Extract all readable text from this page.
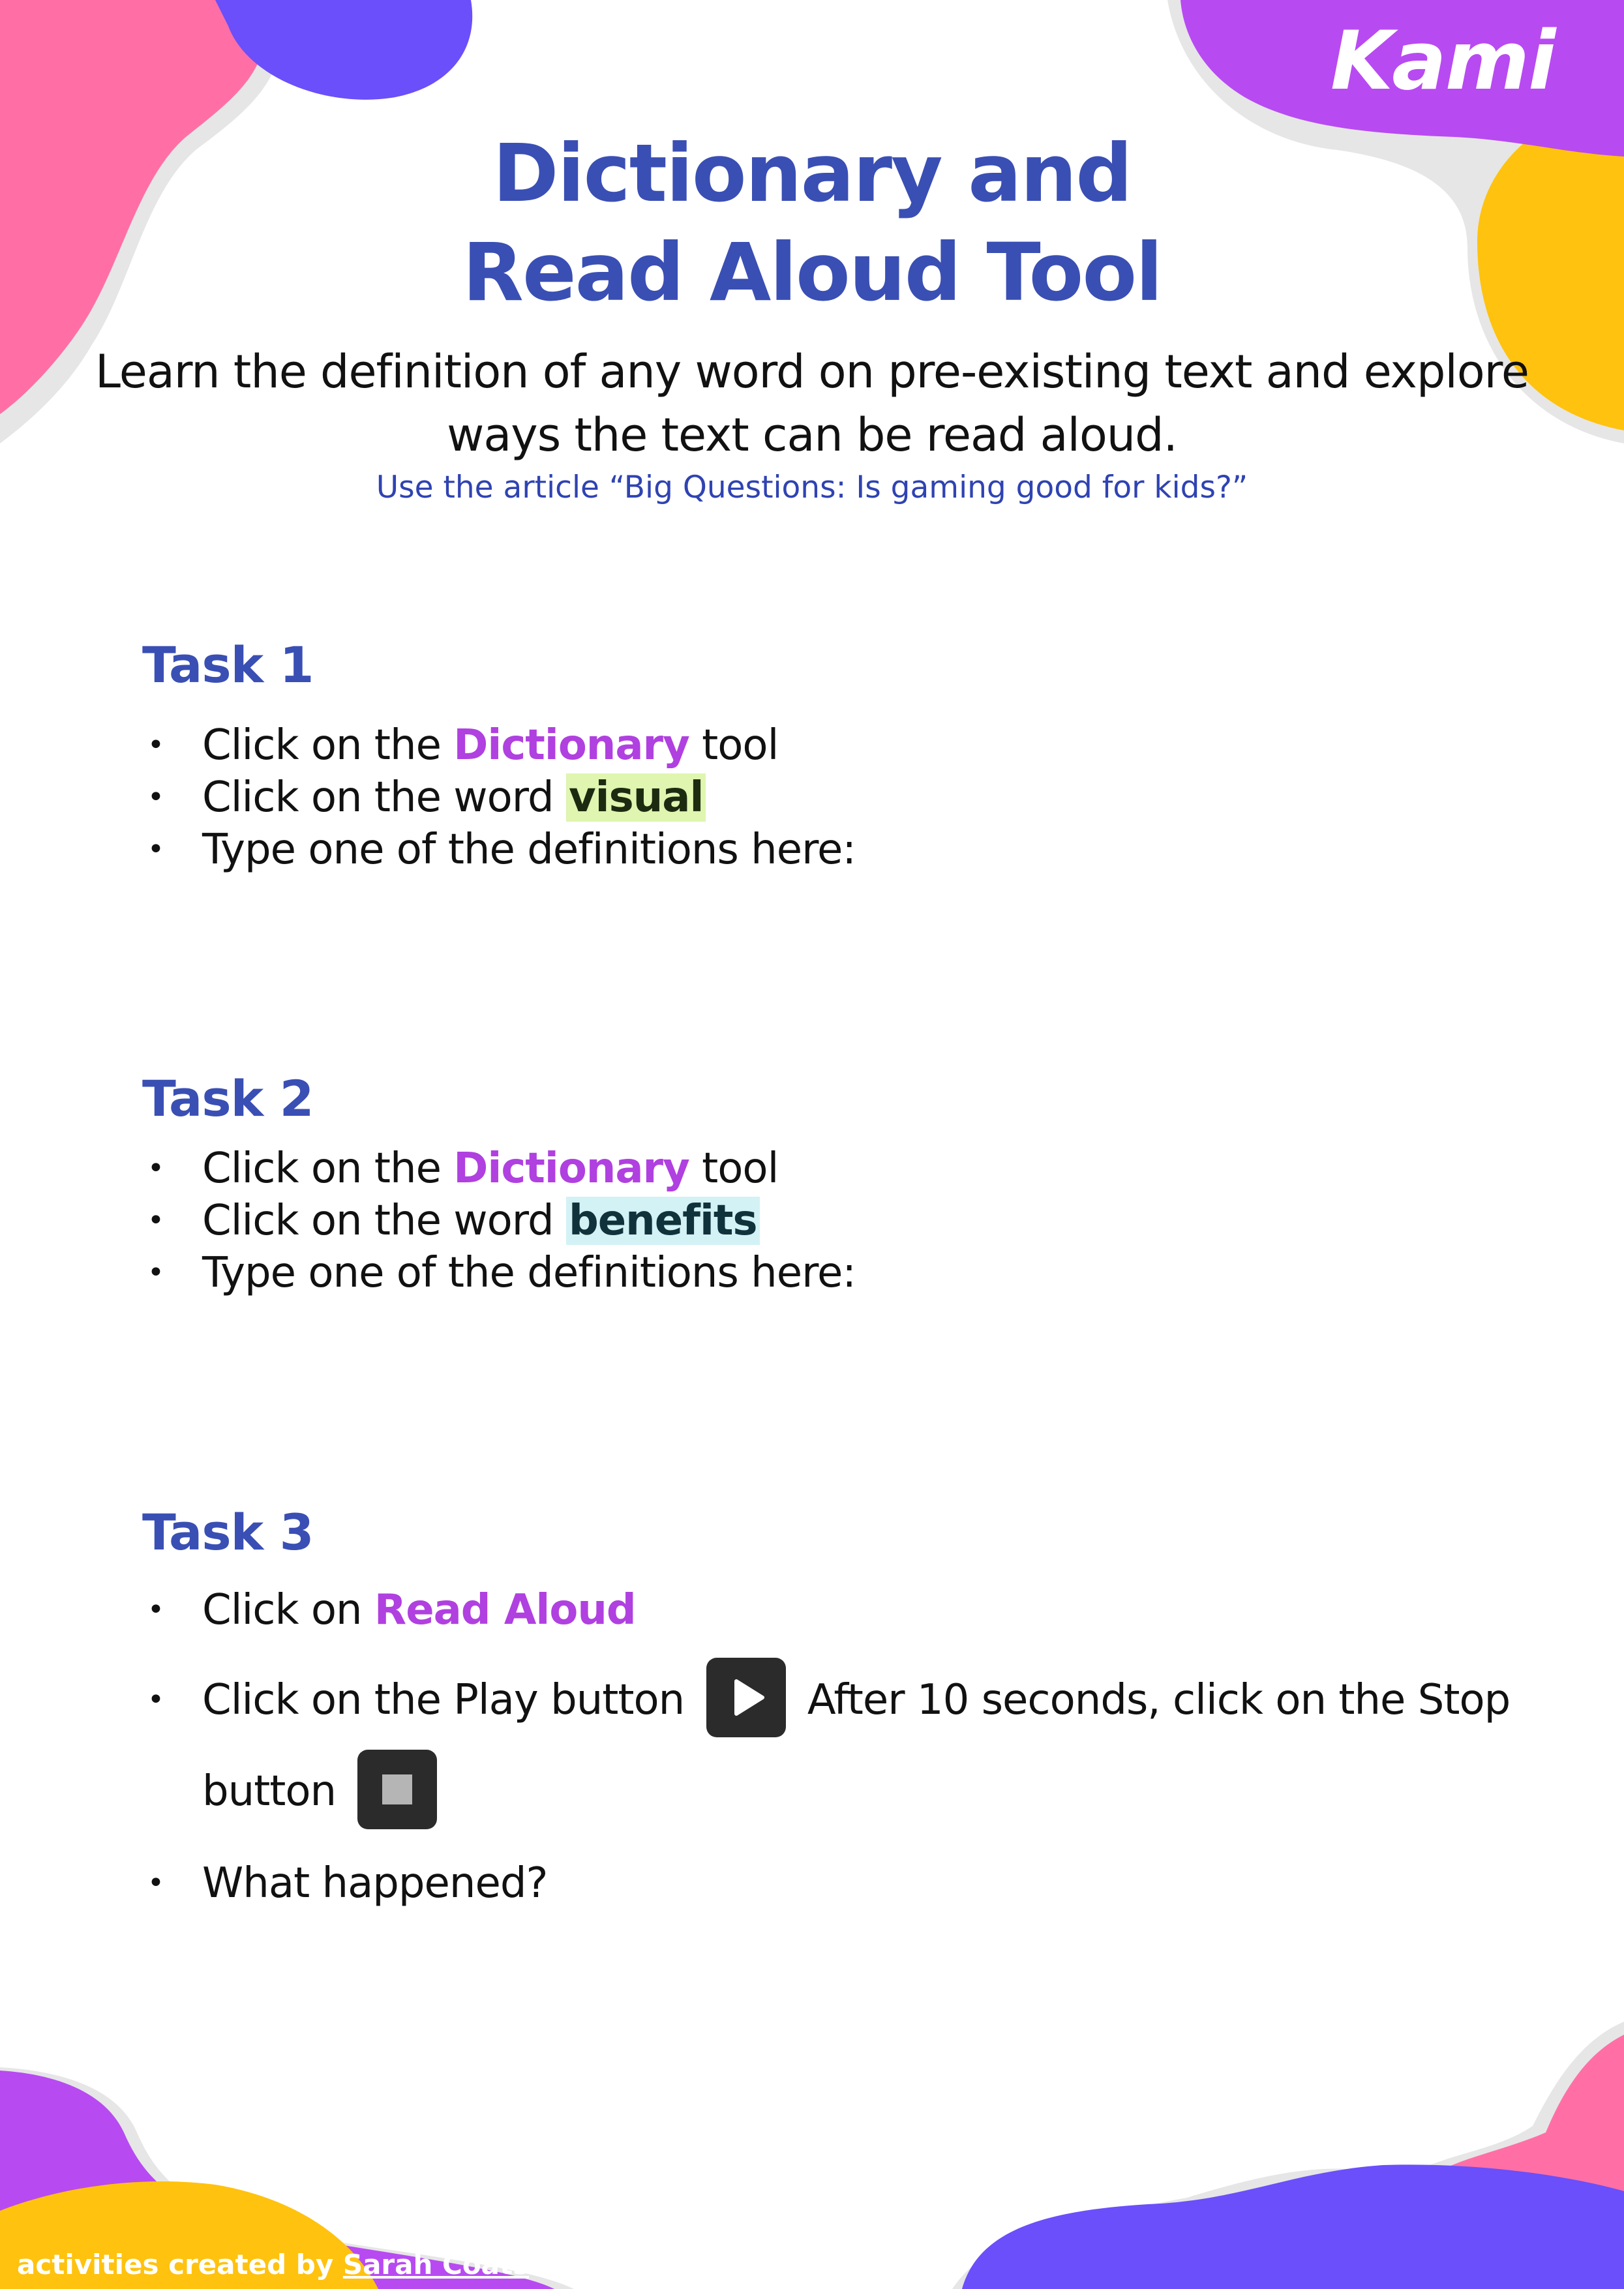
Kami
Dictionary and
Read Aloud Tool

Learn the definition of any word on pre-existing text and explore ways the text can be read aloud.

Use the article “Big Questions: Is gaming good for kids?”

Task 1
• Click on the Dictionary tool
• Click on the word visual
• Type one of the definitions here:
Task 2
• Click on the Dictionary tool
• Click on the word benefits
• Type one of the definitions here:
Task 3
• Click on Read Aloud
• Click on the Play button	After 10 seconds, click on the Stop
button
• What happened?
activities created by Sarah Coats
